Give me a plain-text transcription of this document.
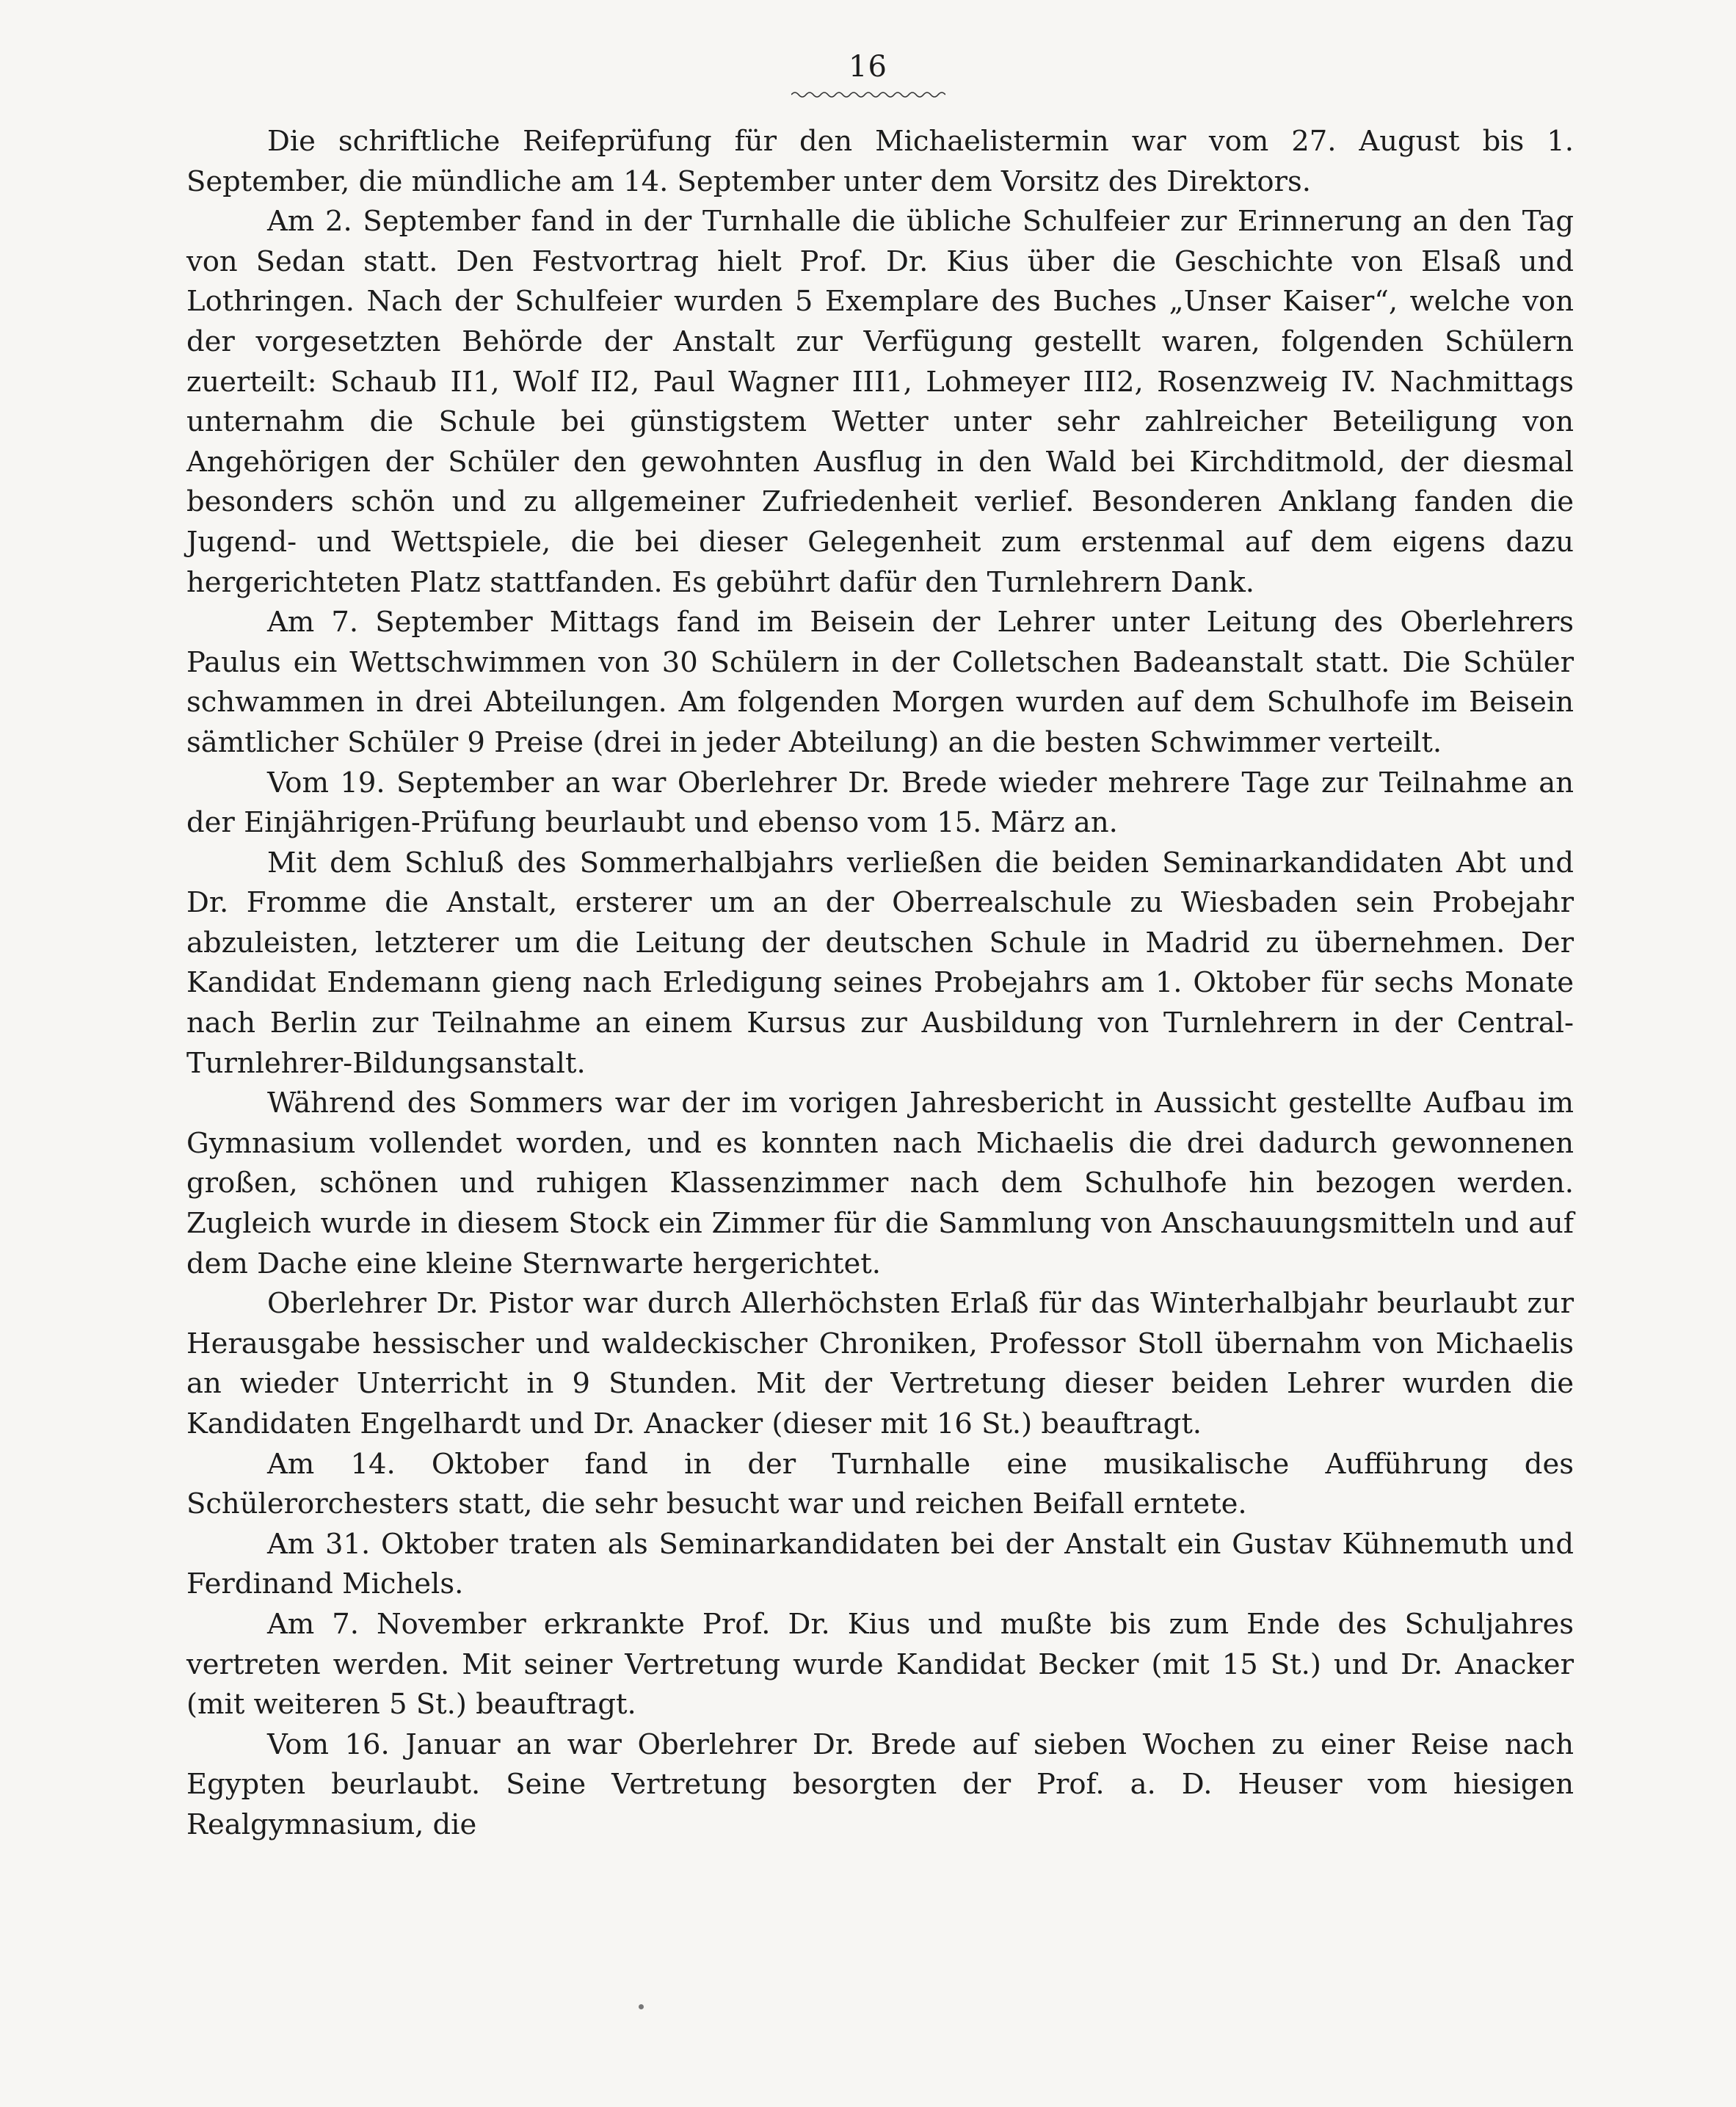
16

Die schriftliche Reifeprüfung für den Michaelistermin war vom 27. August bis 1. September, die mündliche am 14. September unter dem Vorsitz des Direktors.

Am 2. September fand in der Turnhalle die übliche Schulfeier zur Erinnerung an den Tag von Sedan statt. Den Festvortrag hielt Prof. Dr. Kius über die Geschichte von Elsaß und Lothringen. Nach der Schulfeier wurden 5 Exemplare des Buches „Unser Kaiser“, welche von der vorgesetzten Behörde der Anstalt zur Verfügung gestellt waren, folgenden Schülern zuerteilt: Schaub II1, Wolf II2, Paul Wagner III1, Lohmeyer III2, Rosenzweig IV. Nachmittags unternahm die Schule bei günstigstem Wetter unter sehr zahlreicher Beteiligung von Angehörigen der Schüler den gewohnten Ausflug in den Wald bei Kirchditmold, der diesmal besonders schön und zu allgemeiner Zufriedenheit verlief. Besonderen Anklang fanden die Jugend- und Wettspiele, die bei dieser Gelegenheit zum erstenmal auf dem eigens dazu hergerichteten Platz stattfanden. Es gebührt dafür den Turnlehrern Dank.

Am 7. September Mittags fand im Beisein der Lehrer unter Leitung des Oberlehrers Paulus ein Wettschwimmen von 30 Schülern in der Colletschen Badeanstalt statt. Die Schüler schwammen in drei Abteilungen. Am folgenden Morgen wurden auf dem Schulhofe im Beisein sämtlicher Schüler 9 Preise (drei in jeder Abteilung) an die besten Schwimmer verteilt.

Vom 19. September an war Oberlehrer Dr. Brede wieder mehrere Tage zur Teilnahme an der Einjährigen-Prüfung beurlaubt und ebenso vom 15. März an.

Mit dem Schluß des Sommerhalbjahrs verließen die beiden Seminarkandidaten Abt und Dr. Fromme die Anstalt, ersterer um an der Oberrealschule zu Wiesbaden sein Probejahr abzuleisten, letzterer um die Leitung der deutschen Schule in Madrid zu übernehmen. Der Kandidat Endemann gieng nach Erledigung seines Probejahrs am 1. Oktober für sechs Monate nach Berlin zur Teilnahme an einem Kursus zur Ausbildung von Turnlehrern in der Central-Turnlehrer-Bildungsanstalt.

Während des Sommers war der im vorigen Jahresbericht in Aussicht gestellte Aufbau im Gymnasium vollendet worden, und es konnten nach Michaelis die drei dadurch gewonnenen großen, schönen und ruhigen Klassenzimmer nach dem Schulhofe hin bezogen werden. Zugleich wurde in diesem Stock ein Zimmer für die Sammlung von Anschauungsmitteln und auf dem Dache eine kleine Sternwarte hergerichtet.

Oberlehrer Dr. Pistor war durch Allerhöchsten Erlaß für das Winterhalbjahr beurlaubt zur Herausgabe hessischer und waldeckischer Chroniken, Professor Stoll übernahm von Michaelis an wieder Unterricht in 9 Stunden. Mit der Vertretung dieser beiden Lehrer wurden die Kandidaten Engelhardt und Dr. Anacker (dieser mit 16 St.) beauftragt.

Am 14. Oktober fand in der Turnhalle eine musikalische Aufführung des Schülerorchesters statt, die sehr besucht war und reichen Beifall erntete.

Am 31. Oktober traten als Seminarkandidaten bei der Anstalt ein Gustav Kühnemuth und Ferdinand Michels.

Am 7. November erkrankte Prof. Dr. Kius und mußte bis zum Ende des Schuljahres vertreten werden. Mit seiner Vertretung wurde Kandidat Becker (mit 15 St.) und Dr. Anacker (mit weiteren 5 St.) beauftragt.

Vom 16. Januar an war Oberlehrer Dr. Brede auf sieben Wochen zu einer Reise nach Egypten beurlaubt. Seine Vertretung besorgten der Prof. a. D. Heuser vom hiesigen Realgymnasium, die
